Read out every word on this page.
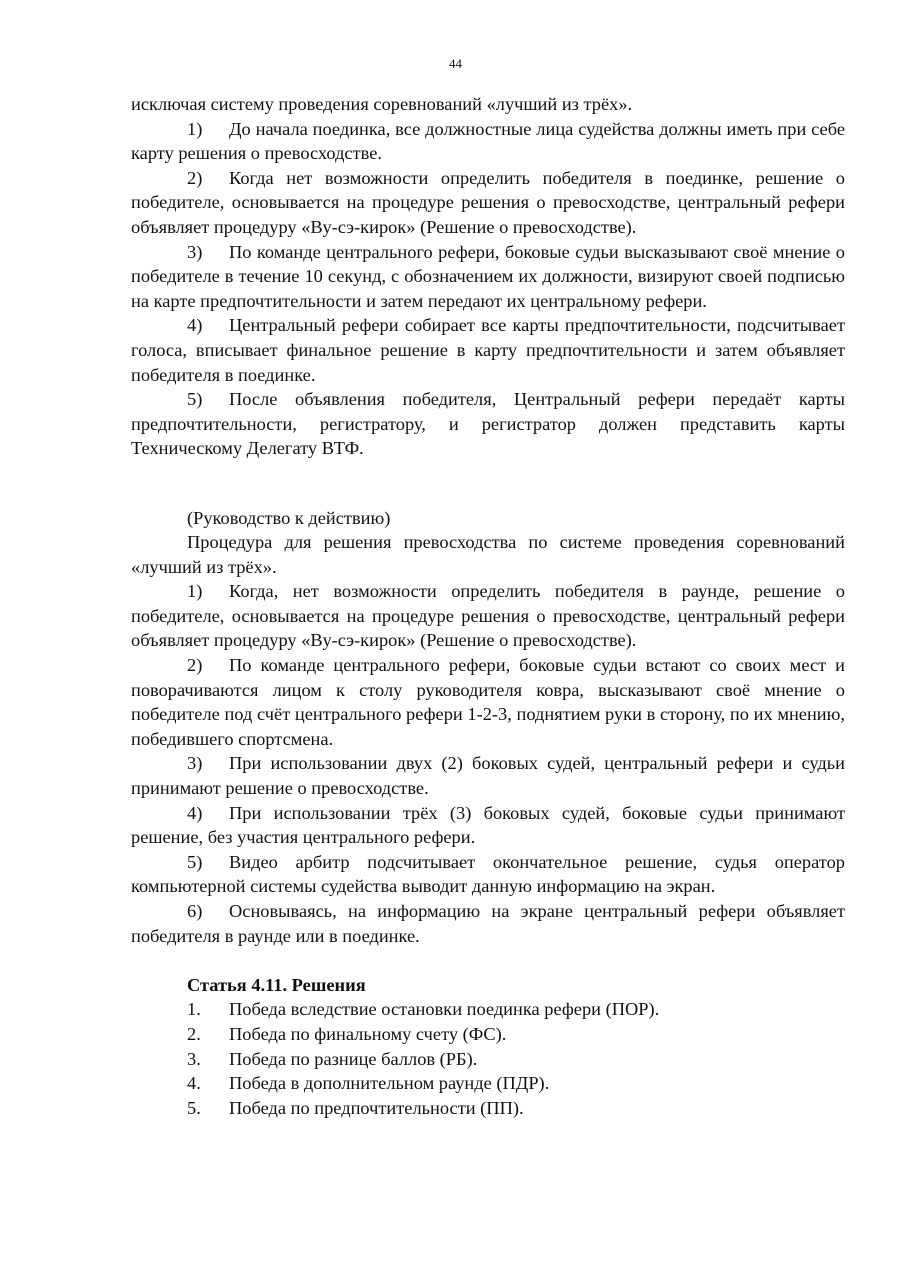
44

исключая систему проведения соревнований «лучший из трёх».

1) До начала поединка, все должностные лица судейства должны иметь при себе карту решения о превосходстве.

2) Когда нет возможности определить победителя в поединке, решение о победителе, основывается на процедуре решения о превосходстве, центральный рефери объявляет процедуру «Ву-сэ-кирок» (Решение о превосходстве).

3) По команде центрального рефери, боковые судьи высказывают своё мнение о победителе в течение 10 секунд, с обозначением их должности, визируют своей подписью на карте предпочтительности и затем передают их центральному рефери.

4) Центральный рефери собирает все карты предпочтительности, подсчитывает голоса, вписывает финальное решение в карту предпочтительности и затем объявляет победителя в поединке.

5) После объявления победителя, Центральный рефери передаёт карты предпочтительности, регистратору, и регистратор должен представить карты Техническому Делегату ВТФ.

(Руководство к действию)

Процедура для решения превосходства по системе проведения соревнований «лучший из трёх».

1) Когда, нет возможности определить победителя в раунде, решение о победителе, основывается на процедуре решения о превосходстве, центральный рефери объявляет процедуру «Ву-сэ-кирок» (Решение о превосходстве).

2) По команде центрального рефери, боковые судьи встают со своих мест и поворачиваются лицом к столу руководителя ковра, высказывают своё мнение о победителе под счёт центрального рефери 1-2-3, поднятием руки в сторону, по их мнению, победившего спортсмена.

3) При использовании двух (2) боковых судей, центральный рефери и судьи принимают решение о превосходстве.

4) При использовании трёх (3) боковых судей, боковые судьи принимают решение, без участия центрального рефери.

5) Видео арбитр подсчитывает окончательное решение, судья оператор компьютерной системы судейства выводит данную информацию на экран.

6) Основываясь, на информацию на экране центральный рефери объявляет победителя в раунде или в поединке.

Статья 4.11. Решения
1. Победа вследствие остановки поединка рефери (ПОР).
2. Победа по финальному счету (ФС).
3. Победа по разнице баллов (РБ).
4. Победа в дополнительном раунде (ПДР).
5. Победа по предпочтительности (ПП).
